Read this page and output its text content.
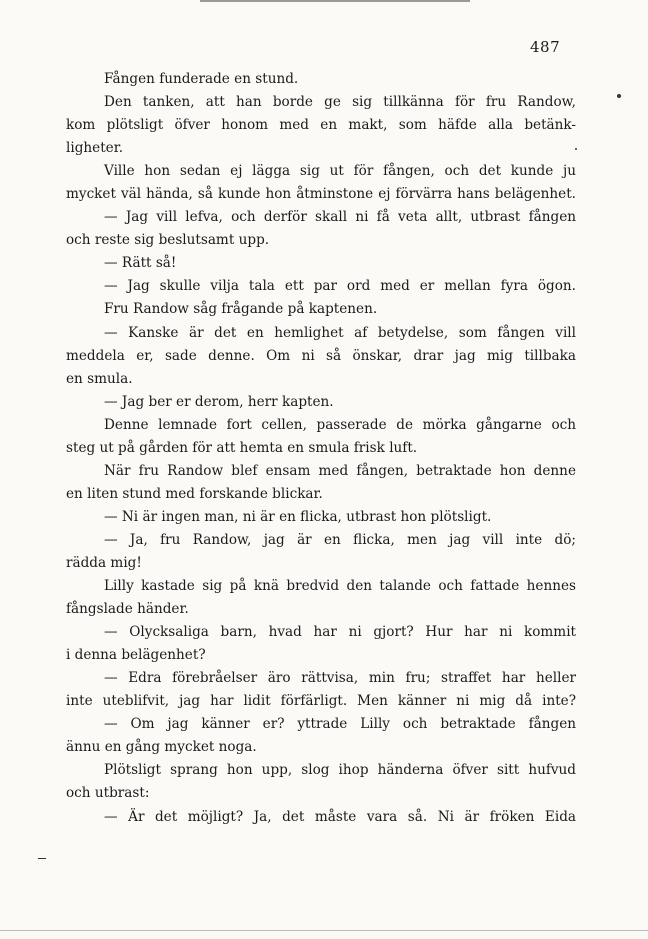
487
Fången funderade en stund.
Den tanken, att han borde ge sig tillkänna för fru Randow,
kom plötsligt öfver honom med en makt, som häfde alla betänk-
ligheter.
Ville hon sedan ej lägga sig ut för fången, och det kunde ju
mycket väl hända, så kunde hon åtminstone ej förvärra hans belägenhet.
— Jag vill lefva, och derför skall ni få veta allt, utbrast fången
och reste sig beslutsamt upp.
— Rätt så!
— Jag skulle vilja tala ett par ord med er mellan fyra ögon.
Fru Randow såg frågande på kaptenen.
— Kanske är det en hemlighet af betydelse, som fången vill
meddela er, sade denne. Om ni så önskar, drar jag mig tillbaka
en smula.
— Jag ber er derom, herr kapten.
Denne lemnade fort cellen, passerade de mörka gångarne och
steg ut på gården för att hemta en smula frisk luft.
När fru Randow blef ensam med fången, betraktade hon denne
en liten stund med forskande blickar.
— Ni är ingen man, ni är en flicka, utbrast hon plötsligt.
— Ja, fru Randow, jag är en flicka, men jag vill inte dö;
rädda mig!
Lilly kastade sig på knä bredvid den talande och fattade hennes
fångslade händer.
— Olycksaliga barn, hvad har ni gjort? Hur har ni kommit
i denna belägenhet?
— Edra förebråelser äro rättvisa, min fru; straffet har heller
inte uteblifvit, jag har lidit förfärligt. Men känner ni mig då inte?
— Om jag känner er? yttrade Lilly och betraktade fången
ännu en gång mycket noga.
Plötsligt sprang hon upp, slog ihop händerna öfver sitt hufvud
och utbrast:
— Är det möjligt? Ja, det måste vara så. Ni är fröken Eida
